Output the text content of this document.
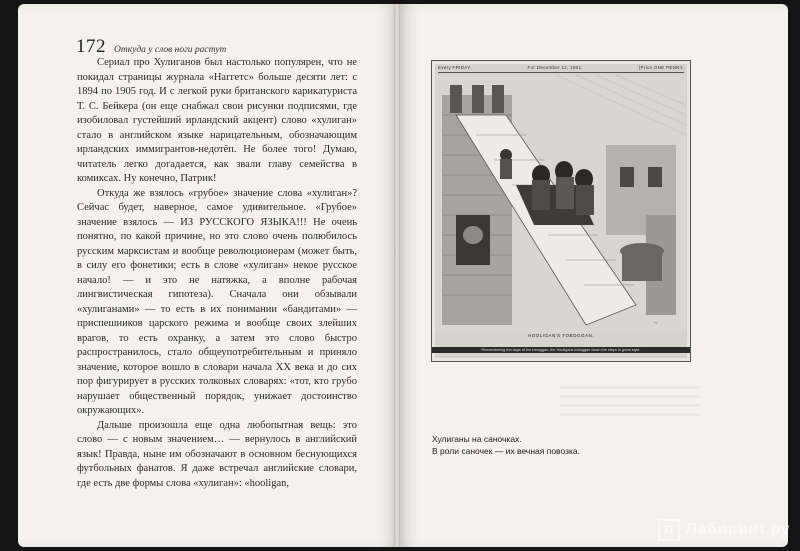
172 Откуда у слов ноги растут

Сериал про Хулиганов был настолько популярен, что не покидал страницы журнала «Наггетс» больше десяти лет: с 1894 по 1905 год. И с легкой руки британского карикатуриста Т. С. Бейкера (он еще снабжал свои рисунки подписями, где изобиловал густейший ирландский акцент) слово «хулиган» стало в английском языке нарицательным, обозначающим ирландских иммигрантов-недотёп. Не более того! Думаю, читатель легко догадается, как звали главу семейства в комиксах. Ну конечно, Патрик!

Откуда же взялось «грубое» значение слова «хулиган»? Сейчас будет, наверное, самое удивительное. «Грубое» значение взялось — ИЗ РУССКОГО ЯЗЫКА!!! Не очень понятно, по какой причине, но это слово очень полюбилось русским марксистам и вообще революционерам (может быть, в силу его фонетики; есть в слове «хулиган» некое русское начало! — и это не натяжка, а вполне рабочая лингвистическая гипотеза). Сначала они обзывали «хулиганами» — то есть в их понимании «бандитами» — приспешников царского режима и вообще своих злейших врагов, то есть охранку, а затем это слово быстро распространилось, стало общеупотребительным и приняло значение, которое вошло в словари начала XX века и до сих пор фигурирует в русских толковых словарях: «тот, кто грубо нарушает общественный порядок, унижает достоинство окружающих».

Дальше произошла еще одна любопытная вещь: это слово — с новым значением… — вернулось в английский язык! Правда, ныне им обозначают в основном беснующихся футбольных фанатов. Я даже встречал английские словари, где есть две формы слова «хулиган»: «hooligan,

Every FRIDAY.	For December 12, 1901.	[Price ONE PENNY.
~
HOOLIGAN'S TOBOGGAN.
Remembering the days of the toboggan, the Hooligans toboggan down the steps in great style.
Хулиганы на саночках.
В роли саночек — их вечная повозка.
Л Лабиринт.ру
